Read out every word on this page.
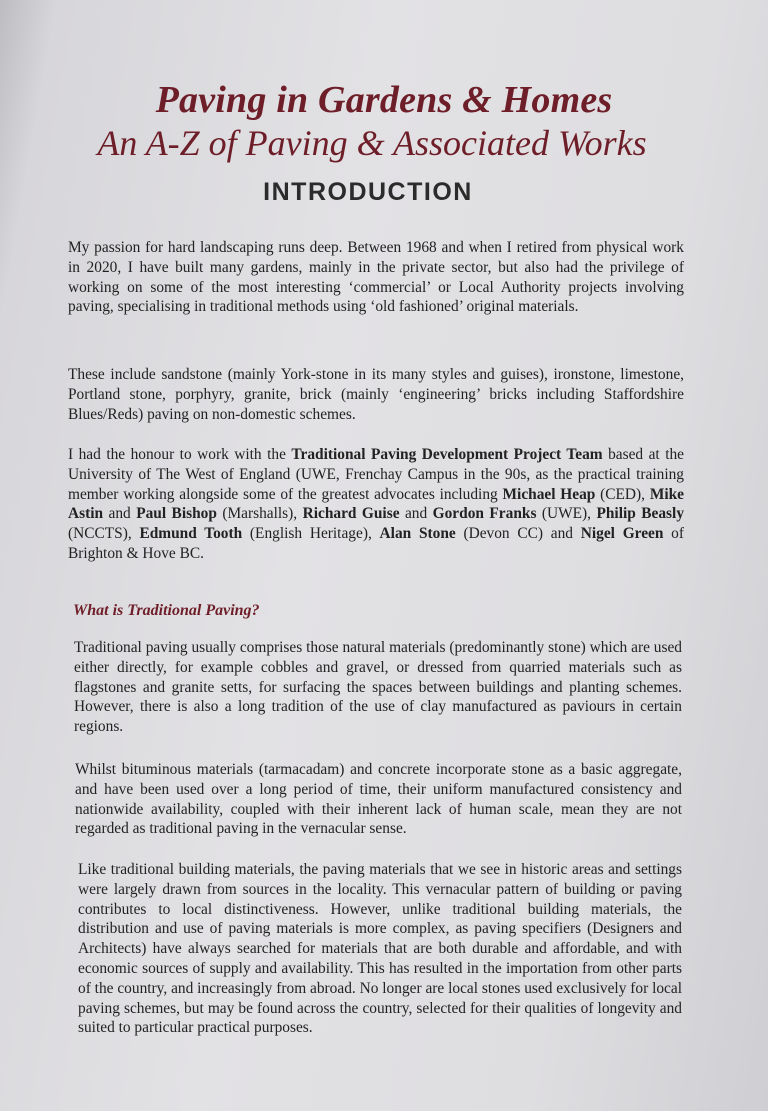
Paving in Gardens & Homes
An A-Z of Paving & Associated Works
INTRODUCTION

My passion for hard landscaping runs deep. Between 1968 and when I retired from physical work in 2020, I have built many gardens, mainly in the private sector, but also had the privilege of working on some of the most interesting ‘commercial’ or Local Authority projects involving paving, specialising in traditional methods using ‘old fashioned’ original materials.

These include sandstone (mainly York-stone in its many styles and guises), ironstone, limestone, Portland stone, porphyry, granite, brick (mainly ‘engineering’ bricks including Staffordshire Blues/Reds) paving on non-domestic schemes.

I had the honour to work with the Traditional Paving Development Project Team based at the University of The West of England (UWE, Frenchay Campus in the 90s, as the practical training member working alongside some of the greatest advocates including Michael Heap (CED), Mike Astin and Paul Bishop (Marshalls), Richard Guise and Gordon Franks (UWE), Philip Beasly (NCCTS), Edmund Tooth (English Heritage), Alan Stone (Devon CC) and Nigel Green of Brighton & Hove BC.

What is Traditional Paving?

Traditional paving usually comprises those natural materials (predominantly stone) which are used either directly, for example cobbles and gravel, or dressed from quarried materials such as flagstones and granite setts, for surfacing the spaces between buildings and planting schemes. However, there is also a long tradition of the use of clay manufactured as paviours in certain regions.

Whilst bituminous materials (tarmacadam) and concrete incorporate stone as a basic aggregate, and have been used over a long period of time, their uniform manufactured consistency and nationwide availability, coupled with their inherent lack of human scale, mean they are not regarded as traditional paving in the vernacular sense.

Like traditional building materials, the paving materials that we see in historic areas and settings were largely drawn from sources in the locality. This vernacular pattern of building or paving contributes to local distinctiveness. However, unlike traditional building materials, the distribution and use of paving materials is more complex, as paving specifiers (Designers and Architects) have always searched for materials that are both durable and affordable, and with economic sources of supply and availability. This has resulted in the importation from other parts of the country, and increasingly from abroad. No longer are local stones used exclusively for local paving schemes, but may be found across the country, selected for their qualities of longevity and suited to particular practical purposes.
